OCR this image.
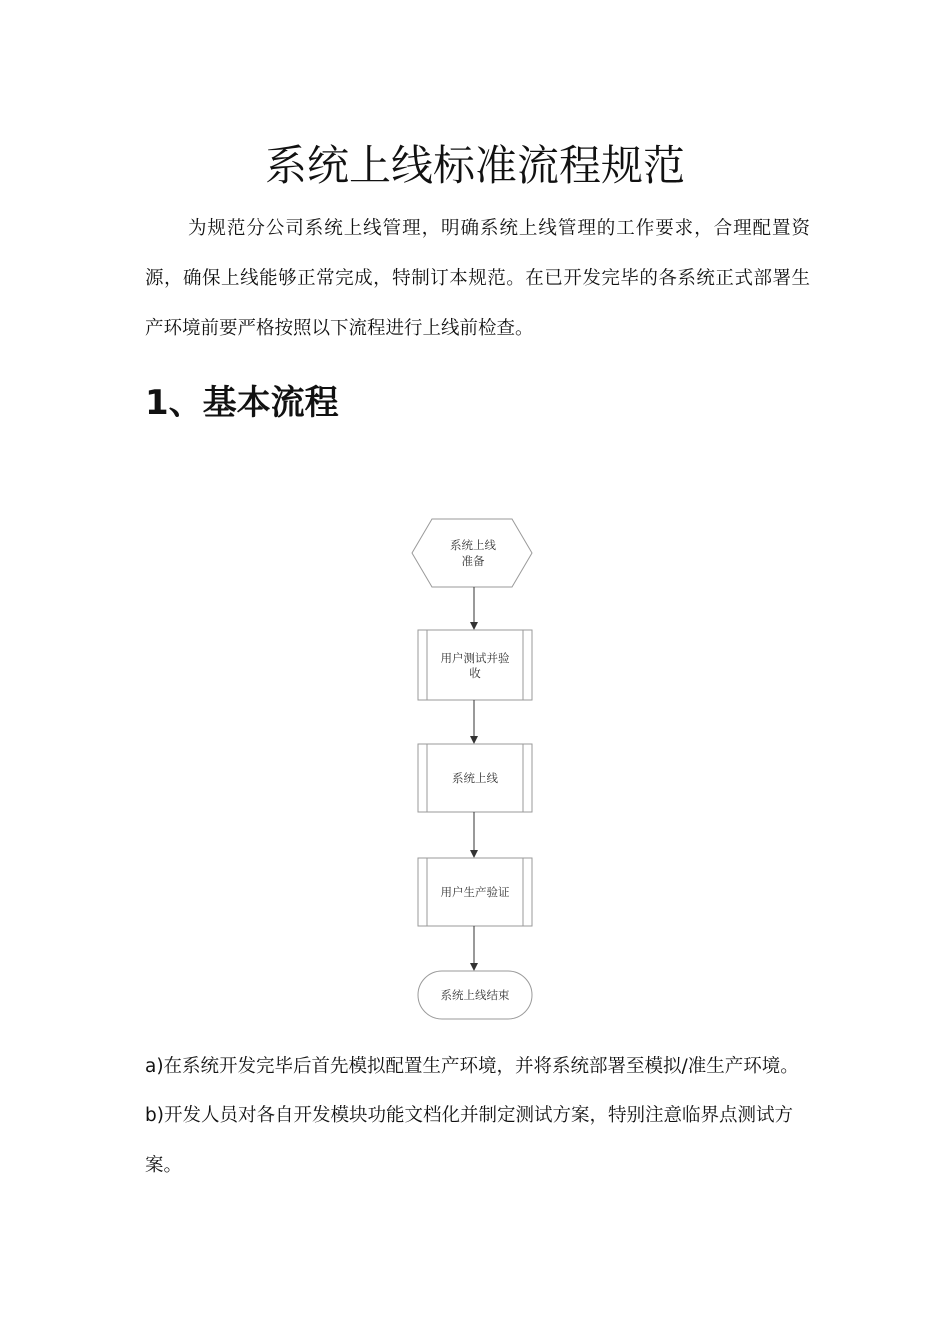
系统上线标准流程规范

为规范分公司系统上线管理，明确系统上线管理的工作要求，合理配置资源，确保上线能够正常完成，特制订本规范。在已开发完毕的各系统正式部署生产环境前要严格按照以下流程进行上线前检查。

1、基本流程
系统上线
准备
用户测试并验
收
系统上线
用户生产验证
系统上线结束

a)在系统开发完毕后首先模拟配置生产环境，并将系统部署至模拟/准生产环境。

b)开发人员对各自开发模块功能文档化并制定测试方案，特别注意临界点测试方案。
